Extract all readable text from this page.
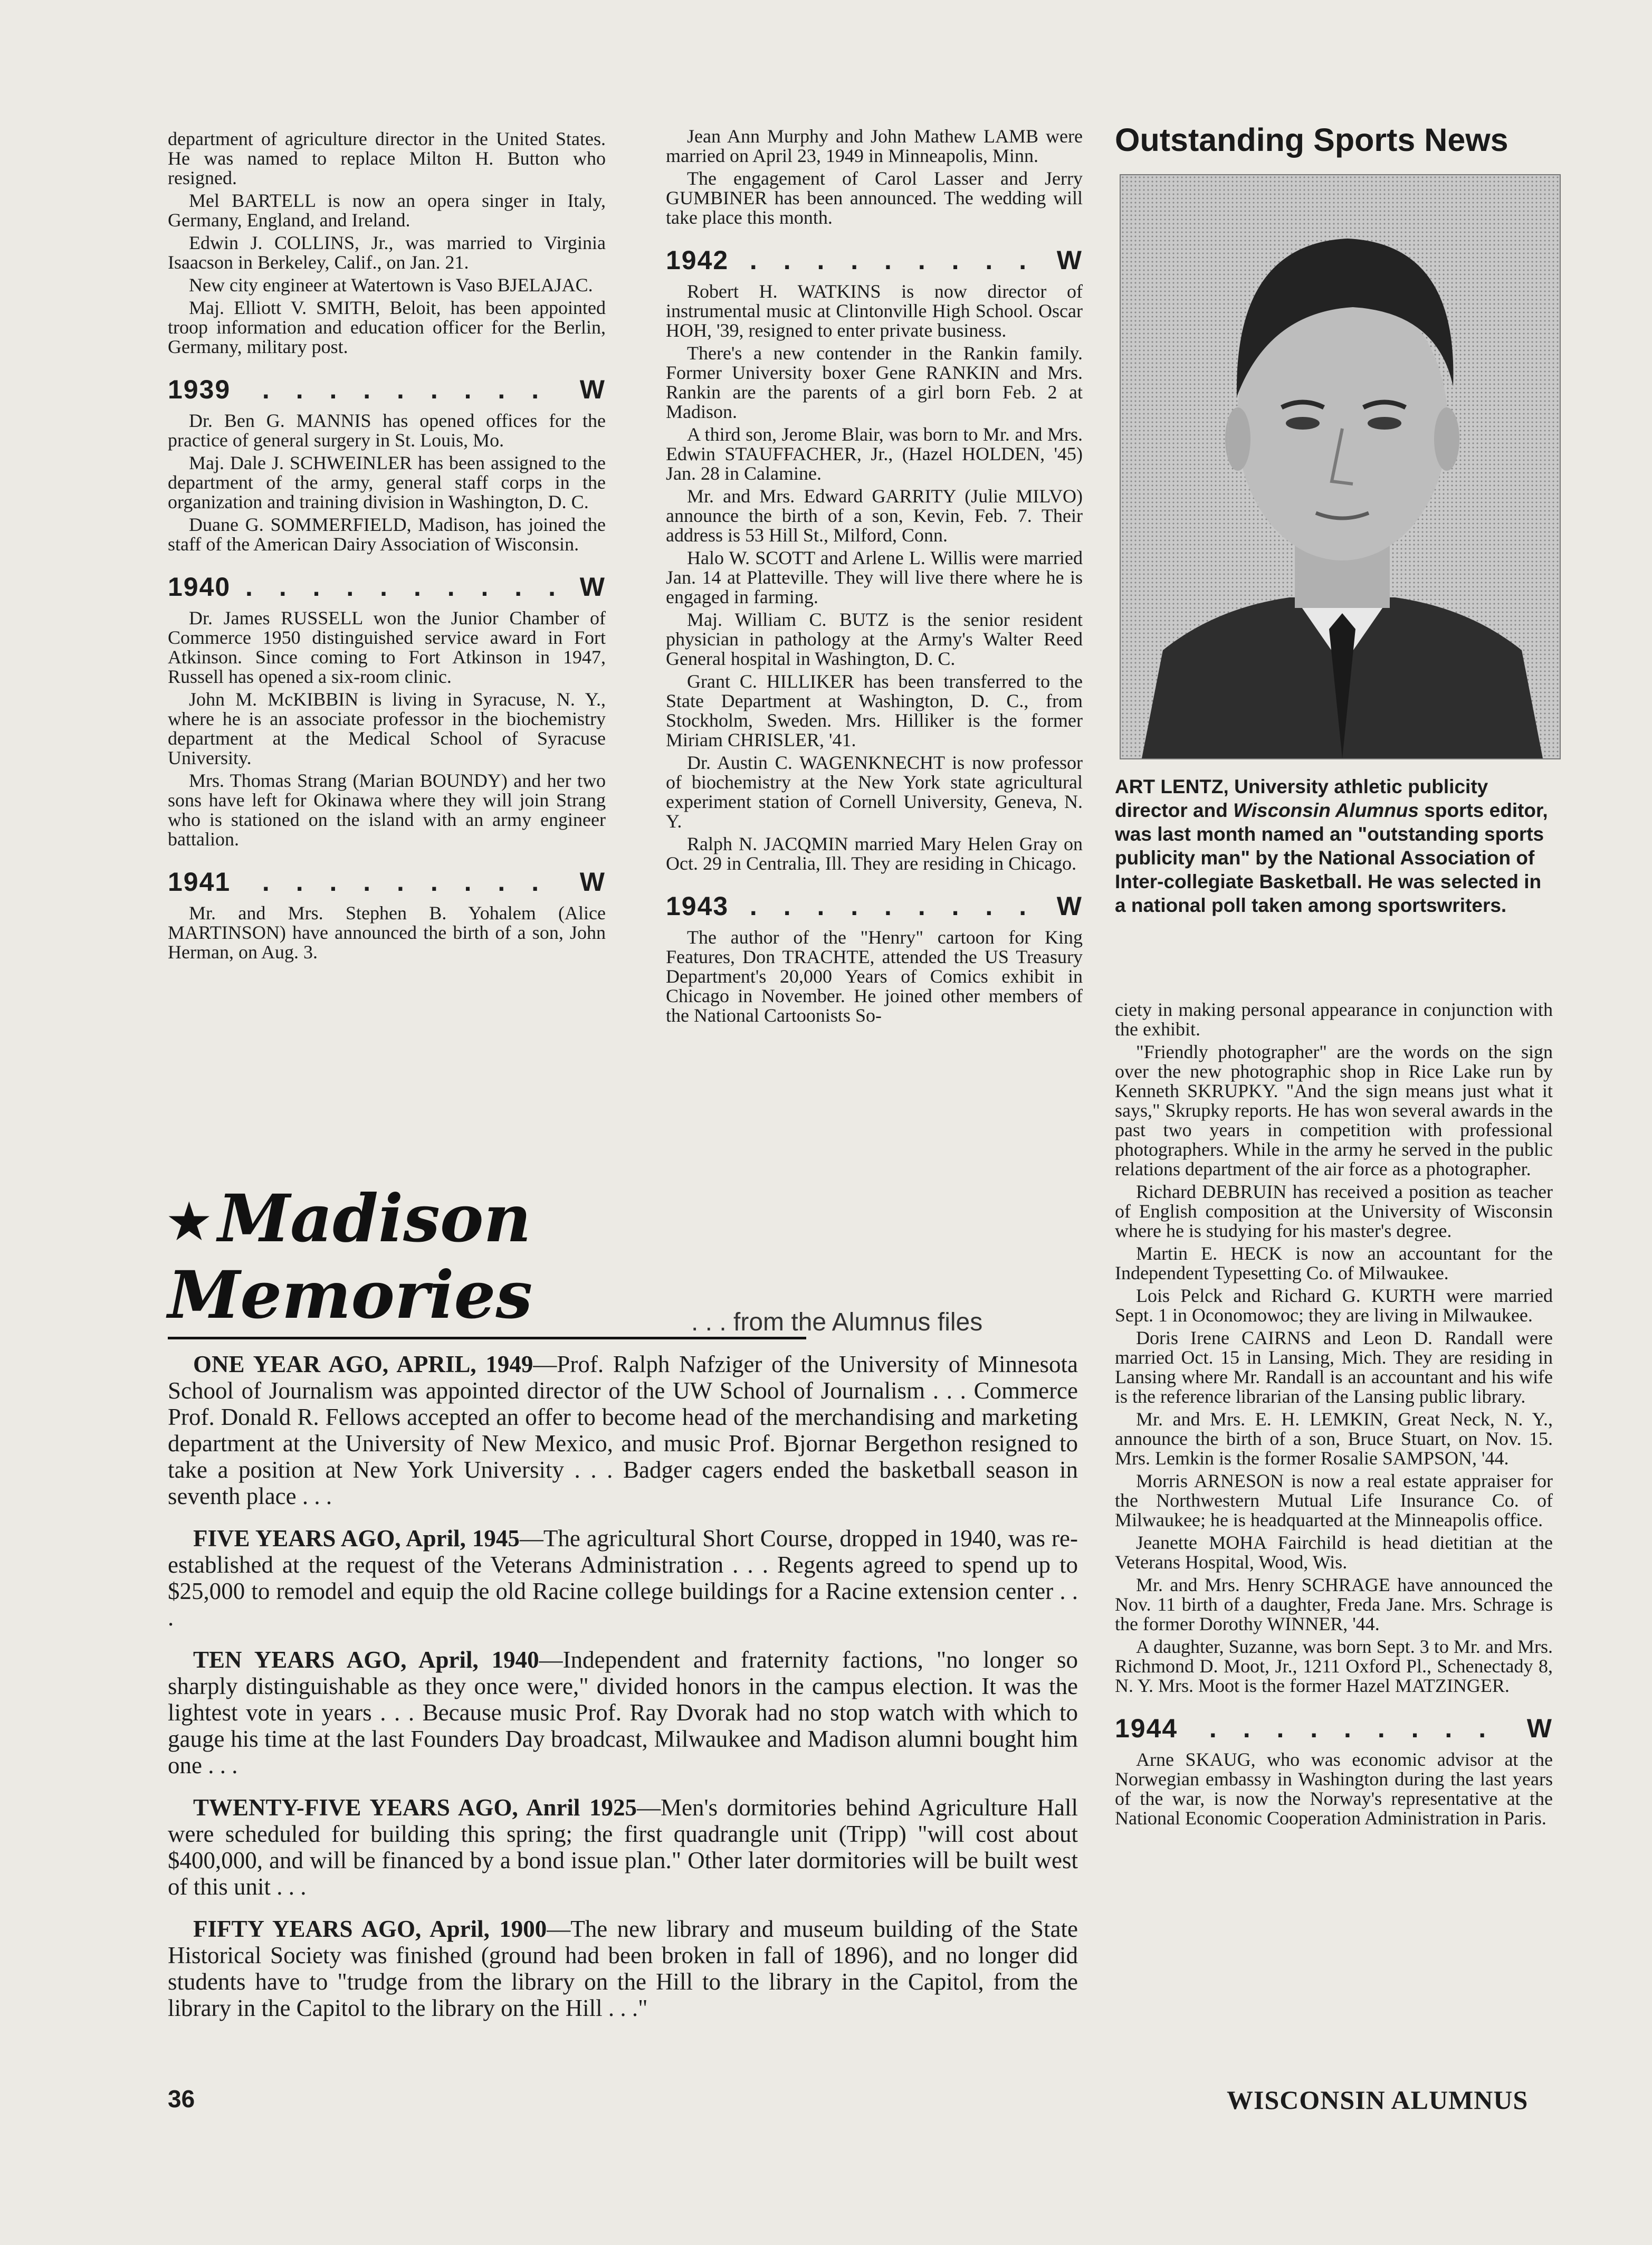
department of agriculture director in the United States. He was named to replace Milton H. Button who resigned.

Mel BARTELL is now an opera singer in Italy, Germany, England, and Ireland.

Edwin J. COLLINS, Jr., was married to Virginia Isaacson in Berkeley, Calif., on Jan. 21.

New city engineer at Watertown is Vaso BJELAJAC.

Maj. Elliott V. SMITH, Beloit, has been appointed troop information and education officer for the Berlin, Germany, military post.

1939	. . . . . . . . .	W

Dr. Ben G. MANNIS has opened offices for the practice of general surgery in St. Louis, Mo.

Maj. Dale J. SCHWEINLER has been assigned to the department of the army, general staff corps in the organization and training division in Washington, D. C.

Duane G. SOMMERFIELD, Madison, has joined the staff of the American Dairy Association of Wisconsin.

1940 . . . . . . . . . . W

Dr. James RUSSELL won the Junior Chamber of Commerce 1950 distinguished service award in Fort Atkinson. Since coming to Fort Atkinson in 1947, Russell has opened a six-room clinic.

John M. McKIBBIN is living in Syracuse, N. Y., where he is an associate professor in the biochemistry department at the Medical School of Syracuse University.

Mrs. Thomas Strang (Marian BOUNDY) and her two sons have left for Okinawa where they will join Strang who is stationed on the island with an army engineer battalion.

1941	. . . . . . . . .	W

Mr. and Mrs. Stephen B. Yohalem (Alice MARTINSON) have announced the birth of a son, John Herman, on Aug. 3.

Jean Ann Murphy and John Mathew LAMB were married on April 23, 1949 in Minneapolis, Minn.

The engagement of Carol Lasser and Jerry GUMBINER has been announced. The wedding will take place this month.

1942 . . . . . . . . . W

Robert H. WATKINS is now director of instrumental music at Clintonville High School. Oscar HOH, '39, resigned to enter private business.

There's a new contender in the Rankin family. Former University boxer Gene RANKIN and Mrs. Rankin are the parents of a girl born Feb. 2 at Madison.

A third son, Jerome Blair, was born to Mr. and Mrs. Edwin STAUFFACHER, Jr., (Hazel HOLDEN, '45) Jan. 28 in Calamine.

Mr. and Mrs. Edward GARRITY (Julie MILVO) announce the birth of a son, Kevin, Feb. 7. Their address is 53 Hill St., Milford, Conn.

Halo W. SCOTT and Arlene L. Willis were married Jan. 14 at Platteville. They will live there where he is engaged in farming.

Maj. William C. BUTZ is the senior resident physician in pathology at the Army's Walter Reed General hospital in Washington, D. C.

Grant C. HILLIKER has been transferred to the State Department at Washington, D. C., from Stockholm, Sweden. Mrs. Hilliker is the former Miriam CHRISLER, '41.

Dr. Austin C. WAGENKNECHT is now professor of biochemistry at the New York state agricultural experiment station of Cornell University, Geneva, N. Y.

Ralph N. JACQMIN married Mary Helen Gray on Oct. 29 in Centralia, Ill. They are residing in Chicago.

1943 . . . . . . . . . W

The author of the "Henry" cartoon for King Features, Don TRACHTE, attended the US Treasury Department's 20,000 Years of Comics exhibit in Chicago in November. He joined other members of the National Cartoonists So-

Outstanding Sports News
ART LENTZ, University athletic publicity director and Wisconsin Alumnus sports editor, was last month named an "outstanding sports publicity man" by the National Association of Inter-collegiate Basketball. He was selected in a national poll taken among sportswriters.

ciety in making personal appearance in conjunction with the exhibit.

"Friendly photographer" are the words on the sign over the new photographic shop in Rice Lake run by Kenneth SKRUPKY. "And the sign means just what it says," Skrupky reports. He has won several awards in the past two years in competition with professional photographers. While in the army he served in the public relations department of the air force as a photographer.

Richard DEBRUIN has received a position as teacher of English composition at the University of Wisconsin where he is studying for his master's degree.

Martin E. HECK is now an accountant for the Independent Typesetting Co. of Milwaukee.

Lois Pelck and Richard G. KURTH were married Sept. 1 in Oconomowoc; they are living in Milwaukee.

Doris Irene CAIRNS and Leon D. Randall were married Oct. 15 in Lansing, Mich. They are residing in Lansing where Mr. Randall is an accountant and his wife is the reference librarian of the Lansing public library.

Mr. and Mrs. E. H. LEMKIN, Great Neck, N. Y., announce the birth of a son, Bruce Stuart, on Nov. 15. Mrs. Lemkin is the former Rosalie SAMPSON, '44.

Morris ARNESON is now a real estate appraiser for the Northwestern Mutual Life Insurance Co. of Milwaukee; he is headquarted at the Minneapolis office.

Jeanette MOHA Fairchild is head dietitian at the Veterans Hospital, Wood, Wis.

Mr. and Mrs. Henry SCHRAGE have announced the Nov. 11 birth of a daughter, Freda Jane. Mrs. Schrage is the former Dorothy WINNER, '44.

A daughter, Suzanne, was born Sept. 3 to Mr. and Mrs. Richmond D. Moot, Jr., 1211 Oxford Pl., Schenectady 8, N. Y. Mrs. Moot is the former Hazel MATZINGER.

1944	. . . . . . . . .	W

Arne SKAUG, who was economic advisor at the Norwegian embassy in Washington during the last years of the war, is now the Norway's representative at the National Economic Cooperation Administration in Paris.

★ Madison Memories	. . . from the Alumnus files

ONE YEAR AGO, APRIL, 1949—Prof. Ralph Nafziger of the University of Minnesota School of Journalism was appointed director of the UW School of Journalism . . . Commerce Prof. Donald R. Fellows accepted an offer to become head of the merchandising and marketing department at the University of New Mexico, and music Prof. Bjornar Bergethon resigned to take a position at New York University . . . Badger cagers ended the basketball season in seventh place . . .

FIVE YEARS AGO, April, 1945—The agricultural Short Course, dropped in 1940, was re-established at the request of the Veterans Administration . . . Regents agreed to spend up to $25,000 to remodel and equip the old Racine college buildings for a Racine extension center . . .

TEN YEARS AGO, April, 1940—Independent and fraternity factions, "no longer so sharply distinguishable as they once were," divided honors in the campus election. It was the lightest vote in years . . . Because music Prof. Ray Dvorak had no stop watch with which to gauge his time at the last Founders Day broadcast, Milwaukee and Madison alumni bought him one . . .

TWENTY-FIVE YEARS AGO, Anril 1925—Men's dormitories behind Agriculture Hall were scheduled for building this spring; the first quadrangle unit (Tripp) "will cost about $400,000, and will be financed by a bond issue plan." Other later dormitories will be built west of this unit . . .

FIFTY YEARS AGO, April, 1900—The new library and museum building of the State Historical Society was finished (ground had been broken in fall of 1896), and no longer did students have to "trudge from the library on the Hill to the library in the Capitol, from the library in the Capitol to the library on the Hill . . ."

36	WISCONSIN ALUMNUS
